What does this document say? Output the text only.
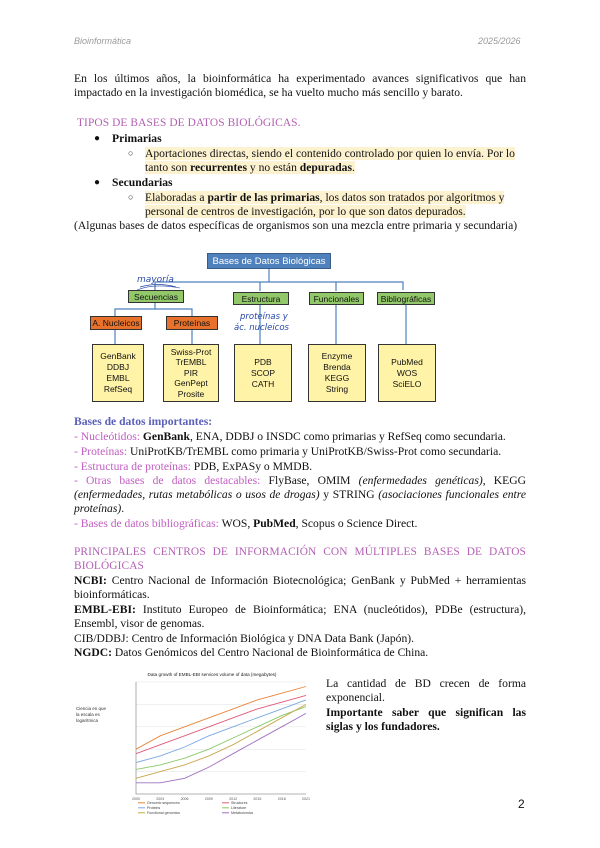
Bioinformática	2025/2026
En los últimos años, la bioinformática ha experimentado avances significativos que han impactado en la investigación biomédica, se ha vuelto mucho más sencillo y barato.
TIPOS DE BASES DE DATOS BIOLÓGICAS.
● Primarias
○ Aportaciones directas, siendo el contenido controlado por quien lo envía. Por lo tanto son recurrentes y no están depuradas.
● Secundarias
○ Elaboradas a partir de las primarias, los datos son tratados por algoritmos y personal de centros de investigación, por lo que son datos depurados.
(Algunas bases de datos específicas de organismos son una mezcla entre primaria y secundaria)
Bases de Datos Biológicas
Secuencias	Estructura	Funcionales	Bibliográficas
A. Nucleicos	Proteínas
GenBank
DDBJ
EMBL
RefSeq
Swiss-Prot
TrEMBL
PIR
GenPept
Prosite
PDB
SCOP
CATH
Enzyme
Brenda
KEGG
String
PubMed
WOS
SciELO
mayoría
proteínas y
ác. nucleicos
Bases de datos importantes:
- Nucleótidos: GenBank, ENA, DDBJ o INSDC como primarias y RefSeq como secundaria.
- Proteínas: UniProtKB/TrEMBL como primaria y UniProtKB/Swiss-Prot como secundaria.
- Estructura de proteínas: PDB, ExPASy o MMDB.
- Otras bases de datos destacables: FlyBase, OMIM (enfermedades genéticas), KEGG (enfermedades, rutas metabólicas o usos de drogas) y STRING (asociaciones funcionales entre proteínas).
- Bases de datos bibliográficas: WOS, PubMed, Scopus o Science Direct.
PRINCIPALES CENTROS DE INFORMACIÓN CON MÚLTIPLES BASES DE DATOS BIOLÓGICAS
NCBI: Centro Nacional de Información Biotecnológica; GenBank y PubMed + herramientas bioinformáticas.
EMBL-EBI: Instituto Europeo de Bioinformática; ENA (nucleótidos), PDBe (estructura), Ensembl, visor de genomas.
CIB/DDBJ: Centro de Información Biológica y DNA Data Bank (Japón).
NGDC: Datos Genómicos del Centro Nacional de Bioinformática de China.
Data growth of EMBL-EBI services volume of data (megabytes)
Ciencia en que la escala es logarítmica
2000	2003	2006	2009	2012	2015	2018	2021
Genomic sequences	Structures
Proteins	Literature
Functional genomics	Metabolomics
La cantidad de BD crecen de forma exponencial.
Importante saber que significan las siglas y los fundadores.
2
